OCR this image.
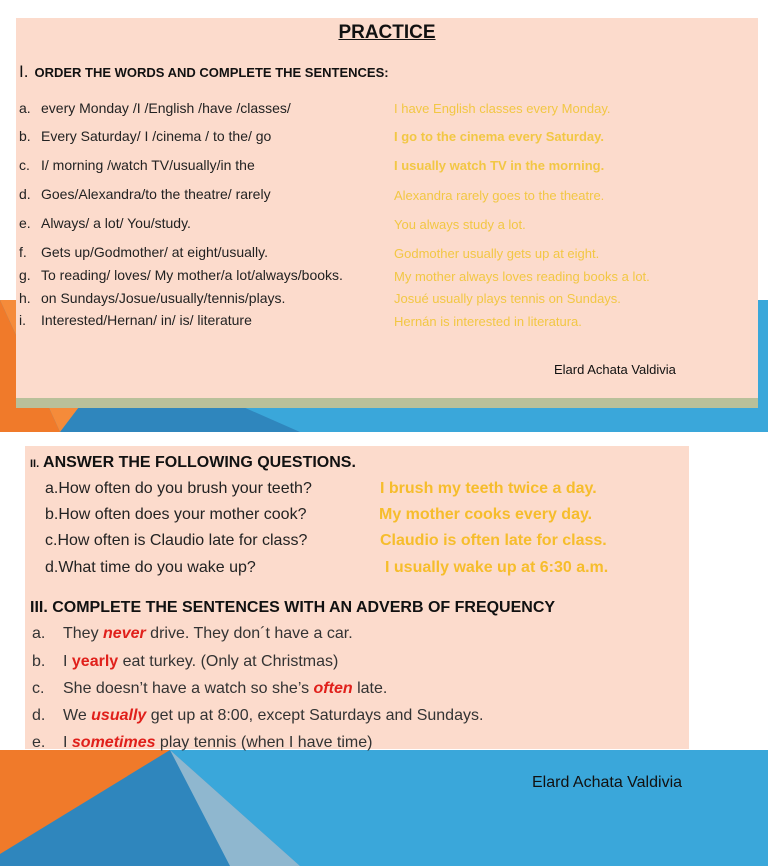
PRACTICE
I. ORDER THE WORDS AND COMPLETE THE SENTENCES:
a. every Monday /I /English /have /classes/	I have English classes every Monday.
b. Every Saturday/ I /cinema / to the/ go	I go to the cinema every Saturday.
c. I/ morning /watch TV/usually/in the	I usually watch TV in the morning.
d. Goes/Alexandra/to the theatre/ rarely	Alexandra rarely goes to the theatre.
e. Always/ a lot/ You/study.	You always study a lot.
f. Gets up/Godmother/ at eight/usually.	Godmother usually gets up at eight.
g. To reading/ loves/ My mother/a lot/always/books.	My mother always loves reading books a lot.
h. on Sundays/Josue/usually/tennis/plays.	Josué usually plays tennis on Sundays.
i. Interested/Hernan/ in/ is/ literature	Hernán is interested in literatura.
Elard Achata Valdivia
II. ANSWER THE FOLLOWING QUESTIONS.
a.How often do you brush your teeth?	I brush my teeth twice a day.
b.How often does your mother cook?	My mother cooks every day.
c.How often is Claudio late for class?	Claudio is often late for class.
d.What time do you wake up?	I usually wake up at 6:30 a.m.
III. COMPLETE THE SENTENCES WITH AN ADVERB OF FREQUENCY
a. They never drive. They don´t have a car.
b. I yearly eat turkey. (Only at Christmas)
c. She doesn’t have a watch so she’s often late.
d. We usually get up at 8:00, except Saturdays and Sundays.
e. I sometimes play tennis (when I have time)
Elard Achata Valdivia
